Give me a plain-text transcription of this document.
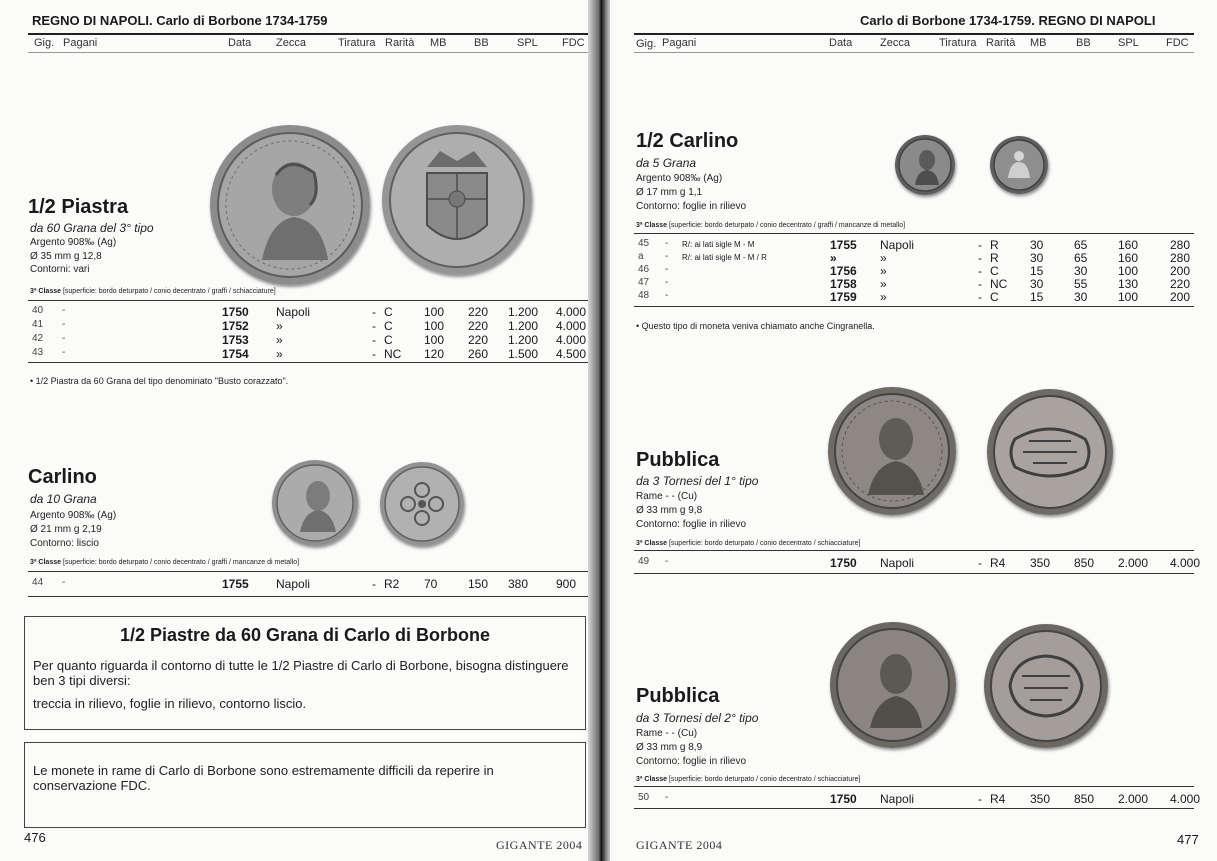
REGNO DI NAPOLI. Carlo di Borbone 1734-1759
Gig. Pagani	Data Zecca	Tiratura Rarità MB	BB	SPL FDC
1/2 Piastra
da 60 Grana del 3° tipo
Argento 908‰ (Ag)
Ø 35 mm g 12,8
Contorni: vari
3ª Classe [superficie: bordo deturpato / conio decentrato / graffi / schiacciature]
40 -	1750 Napoli	- C	100 220 1.200 4.000
41 -	1752 »	- C	100 220 1.200 4.000
42 -	1753 »	- C	100 220 1.200 4.000
43 -	1754 »	- NC 120 260 1.500 4.500
• 1/2 Piastra da 60 Grana del tipo denominato "Busto corazzato".
Carlino
da 10 Grana
Argento 908‰ (Ag)
Ø 21 mm g 2,19
Contorno: liscio
3ª Classe [superficie: bordo deturpato / conio decentrato / graffi / mancanze di metallo]
44 -	1755 Napoli	- R2 70	150 380 900
1/2 Piastre da 60 Grana di Carlo di Borbone
Per quanto riguarda il contorno di tutte le 1/2 Piastre di Carlo di Borbone, bisogna distinguere ben 3 tipi diversi:
treccia in rilievo, foglie in rilievo, contorno liscio.
Le monete in rame di Carlo di Borbone sono estremamente difficili da reperire in conservazione FDC.
476	GIGANTE 2004
Carlo di Borbone 1734-1759. REGNO DI NAPOLI
Gig. Pagani	Data	Zecca	Tiratura Rarità MB	BB SPL FDC
1/2 Carlino
da 5 Grana
Argento 908‰ (Ag)
Ø 17 mm g 1,1
Contorno: foglie in rilievo
3ª Classe [superficie: bordo deturpato / conio decentrato / graffi / mancanze di metallo]
45 - R/: ai lati sigle M - M	1755 Napoli	- R	30	65	160	280
a - R/: ai lati sigle M - M / R	»	»	- R	30	65	160	280
46 -	1756 »	- C	15	30	100	200
47 -	1758 »	- NC 30	55	130	220
48 -	1759 »	- C	15	30	100	200
• Questo tipo di moneta veniva chiamato anche Cingranella.
Pubblica
da 3 Tornesi del 1° tipo
Rame - - (Cu)
Ø 33 mm g 9,8
Contorno: foglie in rilievo
3ª Classe [superficie: bordo deturpato / conio decentrato / schiacciature]
49 -	1750 Napoli	- R4 350 850 2.000 4.000
Pubblica
da 3 Tornesi del 2° tipo
Rame - - (Cu)
Ø 33 mm g 8,9
Contorno: foglie in rilievo
3ª Classe [superficie: bordo deturpato / conio decentrato / schiacciature]
50 -	1750 Napoli	- R4 350 850 2.000 4.000
GIGANTE 2004	477
